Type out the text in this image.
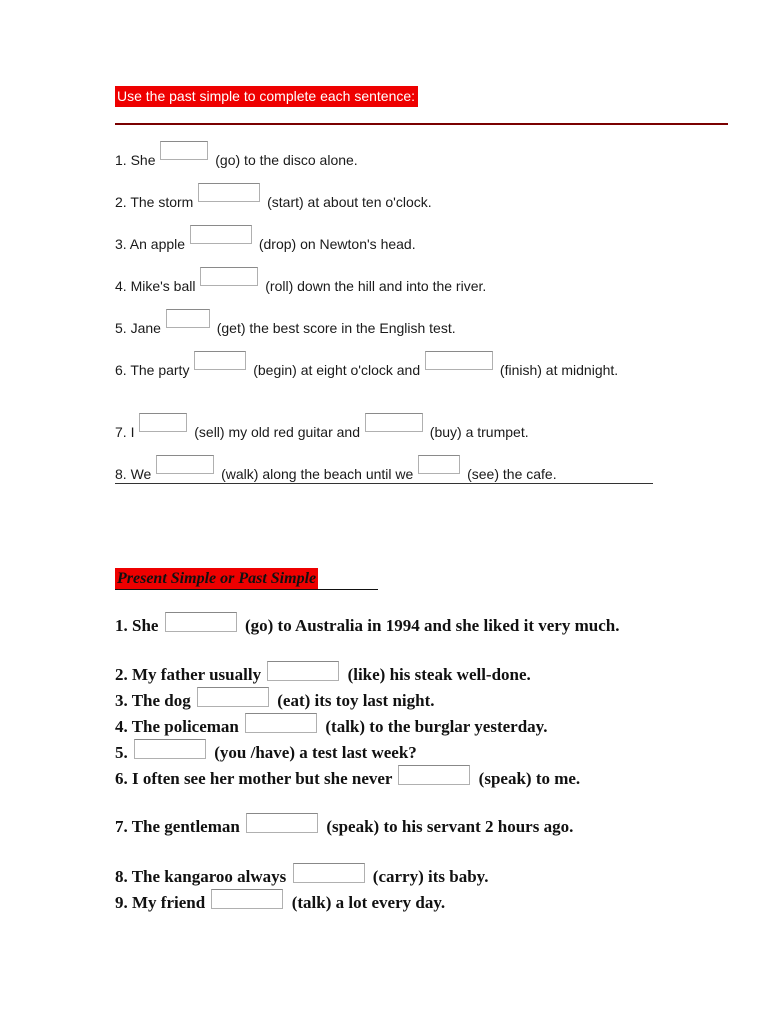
Use the past simple to complete each sentence:
1. She	(go) to the disco alone.
2. The storm	(start) at about ten o'clock.
3. An apple	(drop) on Newton's head.
4. Mike's ball	(roll) down the hill and into the river.
5. Jane	(get) the best score in the English test.
6. The party	(begin) at eight o'clock and	(finish) at midnight.
7. I	(sell) my old red guitar and	(buy) a trumpet.
8. We	(walk) along the beach until we	(see) the cafe.
Present Simple or Past Simple
1. She	(go) to Australia in 1994 and she liked it very much.
2. My father usually	(like) his steak well-done.
3. The dog	(eat) its toy last night.
4. The policeman	(talk) to the burglar yesterday.
5.	(you /have) a test last week?
6. I often see her mother but she never	(speak) to me.
7. The gentleman	(speak) to his servant 2 hours ago.
8. The kangaroo always	(carry) its baby.
9. My friend	(talk) a lot every day.
